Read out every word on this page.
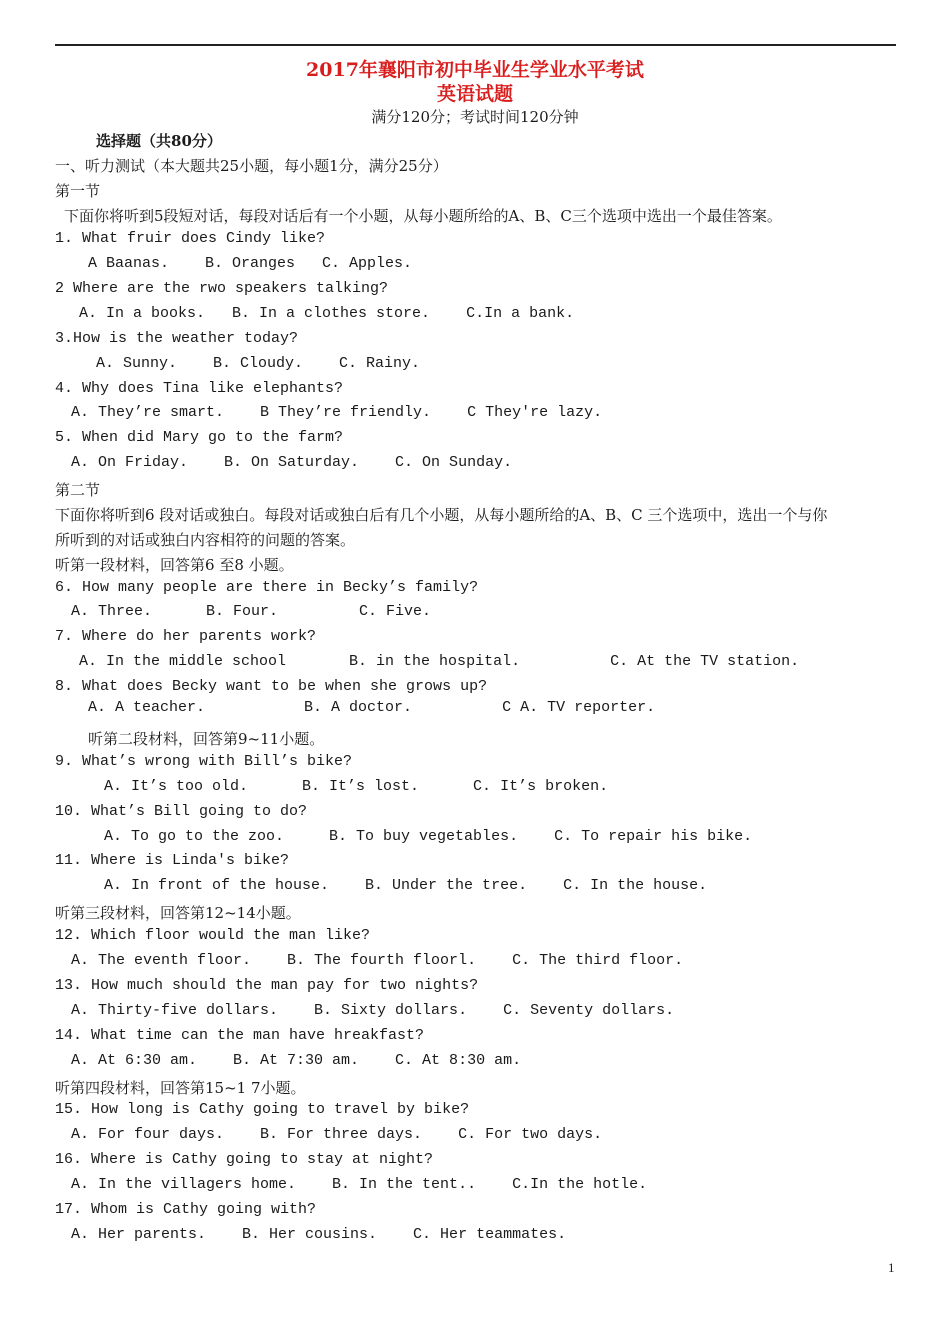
2017年襄阳市初中毕业生学业水平考试
英语试题
满分120分；考试时间120分钟
选择题（共80分）
一、听力测试（本大题共25小题，每小题1分，满分25分）
第一节
下面你将听到5段短对话，每段对话后有一个小题，从每小题所给的A、B、C三个选项中选出一个最佳答案。
1. What fruir does Cindy like?
A Baanas.    B. Oranges   C. Apples.
2 Where are the rwo speakers talking?
A. In a books.   B. In a clothes store.    C.In a bank.
3.How is the weather today?
A. Sunny.    B. Cloudy.    C. Rainy.
4. Why does Tina like elephants?
A. They’re smart.    B They’re friendly.    C They're lazy.
5. When did Mary go to the farm?
A. On Friday.    B. On Saturday.    C. On Sunday.
第二节
下面你将听到6 段对话或独白。每段对话或独白后有几个小题，从每小题所给的A、B、C 三个选项中，选出一个与你
所听到的对话或独白内容相符的问题的答案。
听第一段材料，回答第6 至8 小题。
6. How many people are there in Becky’s family?
A. Three.      B. Four.         C. Five.
7. Where do her parents work?
A. In the middle school       B. in the hospital.          C. At the TV station.
8. What does Becky want to be when she grows up?
A. A teacher.           B. A doctor.          C A. TV reporter.
听第二段材料，回答第9~11小题。
9. What’s wrong with Bill’s bike?
A. It’s too old.      B. It’s lost.      C. It’s broken.
10. What’s Bill going to do?
A. To go to the zoo.     B. To buy vegetables.    C. To repair his bike.
11. Where is Linda's bike?
A. In front of the house.    B. Under the tree.    C. In the house.
听第三段材料，回答第12~14小题。
12. Which floor would the man like?
A. The eventh floor.    B. The fourth floorl.    C. The third floor.
13. How much should the man pay for two nights?
A. Thirty-five dollars.    B. Sixty dollars.    C. Seventy dollars.
14. What time can the man have hreakfast?
A. At 6:30 am.    B. At 7:30 am.    C. At 8:30 am.
听第四段材料，回答第15~1 7小题。
15. How long is Cathy going to travel by bike?
A. For four days.    B. For three days.    C. For two days.
16. Where is Cathy going to stay at night?
A. In the villagers home.    B. In the tent..    C.In the hotle.
17. Whom is Cathy going with?
A. Her parents.    B. Her cousins.    C. Her teammates.
1
